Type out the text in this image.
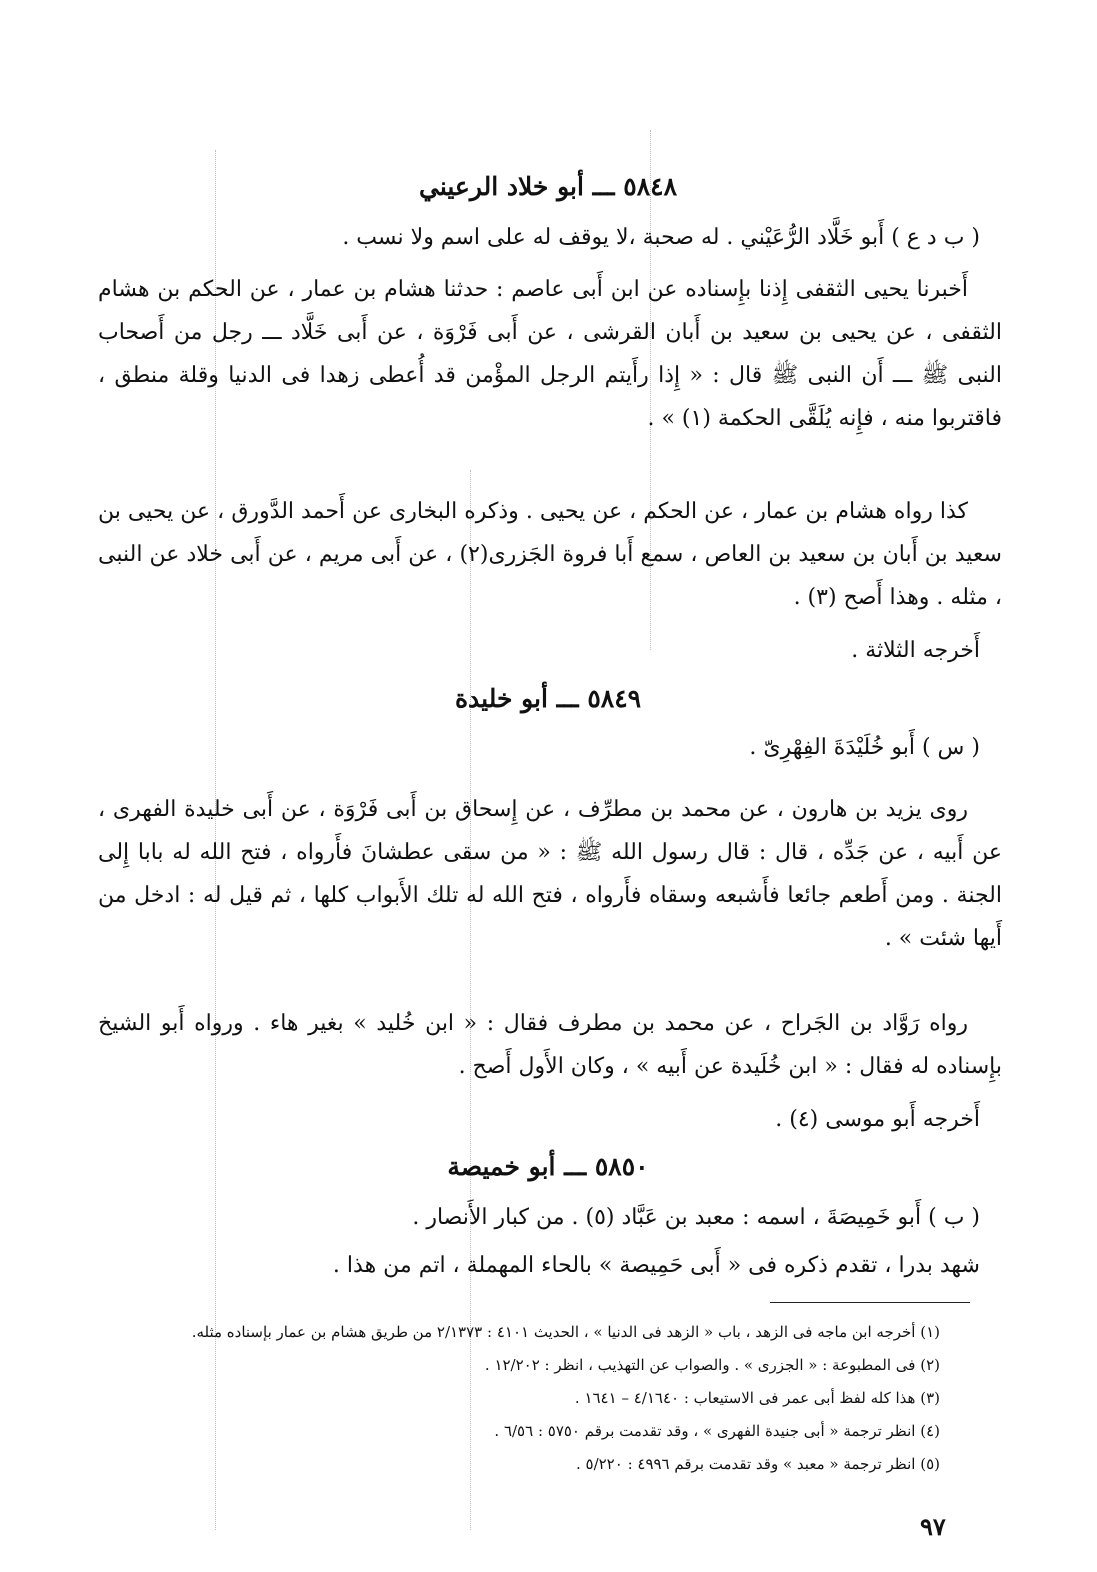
٥٨٤٨ ـــ أبو خلاد الرعيني

( ب د ع ) أَبو خَلَّاد الرُّعَيْني . له صحبة ،لا يوقف له على اسم ولا نسب .

أَخبرنا يحيى الثقفى إِذنا بإِسناده عن ابن أَبى عاصم : حدثنا هشام بن عمار ، عن الحكم بن هشام الثقفى ، عن يحيى بن سعيد بن أَبان القرشى ، عن أَبى فَرْوَة ، عن أَبى خَلَّاد ـــ رجل من أَصحاب النبى ﷺ ـــ أَن النبى ﷺ قال : « إِذا رأَيتم الرجل المؤْمن قد أُعطى زهدا فى الدنيا وقلة منطق ، فاقتربوا منه ، فإِنه يُلَقَّى الحكمة (١) » .

كذا رواه هشام بن عمار ، عن الحكم ، عن يحيى . وذكره البخارى عن أَحمد الدَّورق ، عن يحيى بن سعيد بن أَبان بن سعيد بن العاص ، سمع أَبا فروة الجَزرى(٢) ، عن أَبى مريم ، عن أَبى خلاد عن النبى ، مثله . وهذا أَصح (٣) .

أَخرجه الثلاثة .

٥٨٤٩ ـــ أبو خليدة

( س ) أَبو خُلَيْدَةَ الفِهْرِىّ .

روى يزيد بن هارون ، عن محمد بن مطرِّف ، عن إِسحاق بن أَبى فَرْوَة ، عن أَبى خليدة الفهرى ، عن أَبيه ، عن جَدِّه ، قال : قال رسول الله ﷺ : « من سقى عطشانَ فأَرواه ، فتح الله له بابا إِلى الجنة . ومن أَطعم جائعا فأَشبعه وسقاه فأَرواه ، فتح الله له تلك الأَبواب كلها ، ثم قيل له : ادخل من أَيها شئت » .

رواه رَوَّاد بن الجَراح ، عن محمد بن مطرف فقال : « ابن خُليد » بغير هاء . ورواه أَبو الشيخ بإِسناده له فقال : « ابن خُلَيدة عن أَبيه » ، وكان الأَول أَصح .

أَخرجه أَبو موسى (٤) .

٥٨٥٠ ـــ أبو خميصة

( ب ) أَبو خَمِيصَةَ ، اسمه : معبد بن عَبَّاد (٥) . من كبار الأَنصار .

شهد بدرا ، تقدم ذكره فى « أَبى حَمِيصة » بالحاء المهملة ، اتم من هذا .

(١) أخرجه ابن ماجه فى الزهد ، باب « الزهد فى الدنيا » ، الحديث ٤١٠١ : ٢/١٣٧٣ من طريق هشام بن عمار بإسناده مثله.
(٢) فى المطبوعة : « الجزرى » . والصواب عن التهذيب ، انظر : ١٢/٢٠٢ .
(٣) هذا كله لفظ أبى عمر فى الاستيعاب : ٤/١٦٤٠ – ١٦٤١ .
(٤) انظر ترجمة « أبى جنيدة الفهرى » ، وقد تقدمت برقم ٥٧٥٠ : ٦/٥٦ .
(٥) انظر ترجمة « معبد » وقد تقدمت برقم ٤٩٩٦ : ٥/٢٢٠ .
٩٧
